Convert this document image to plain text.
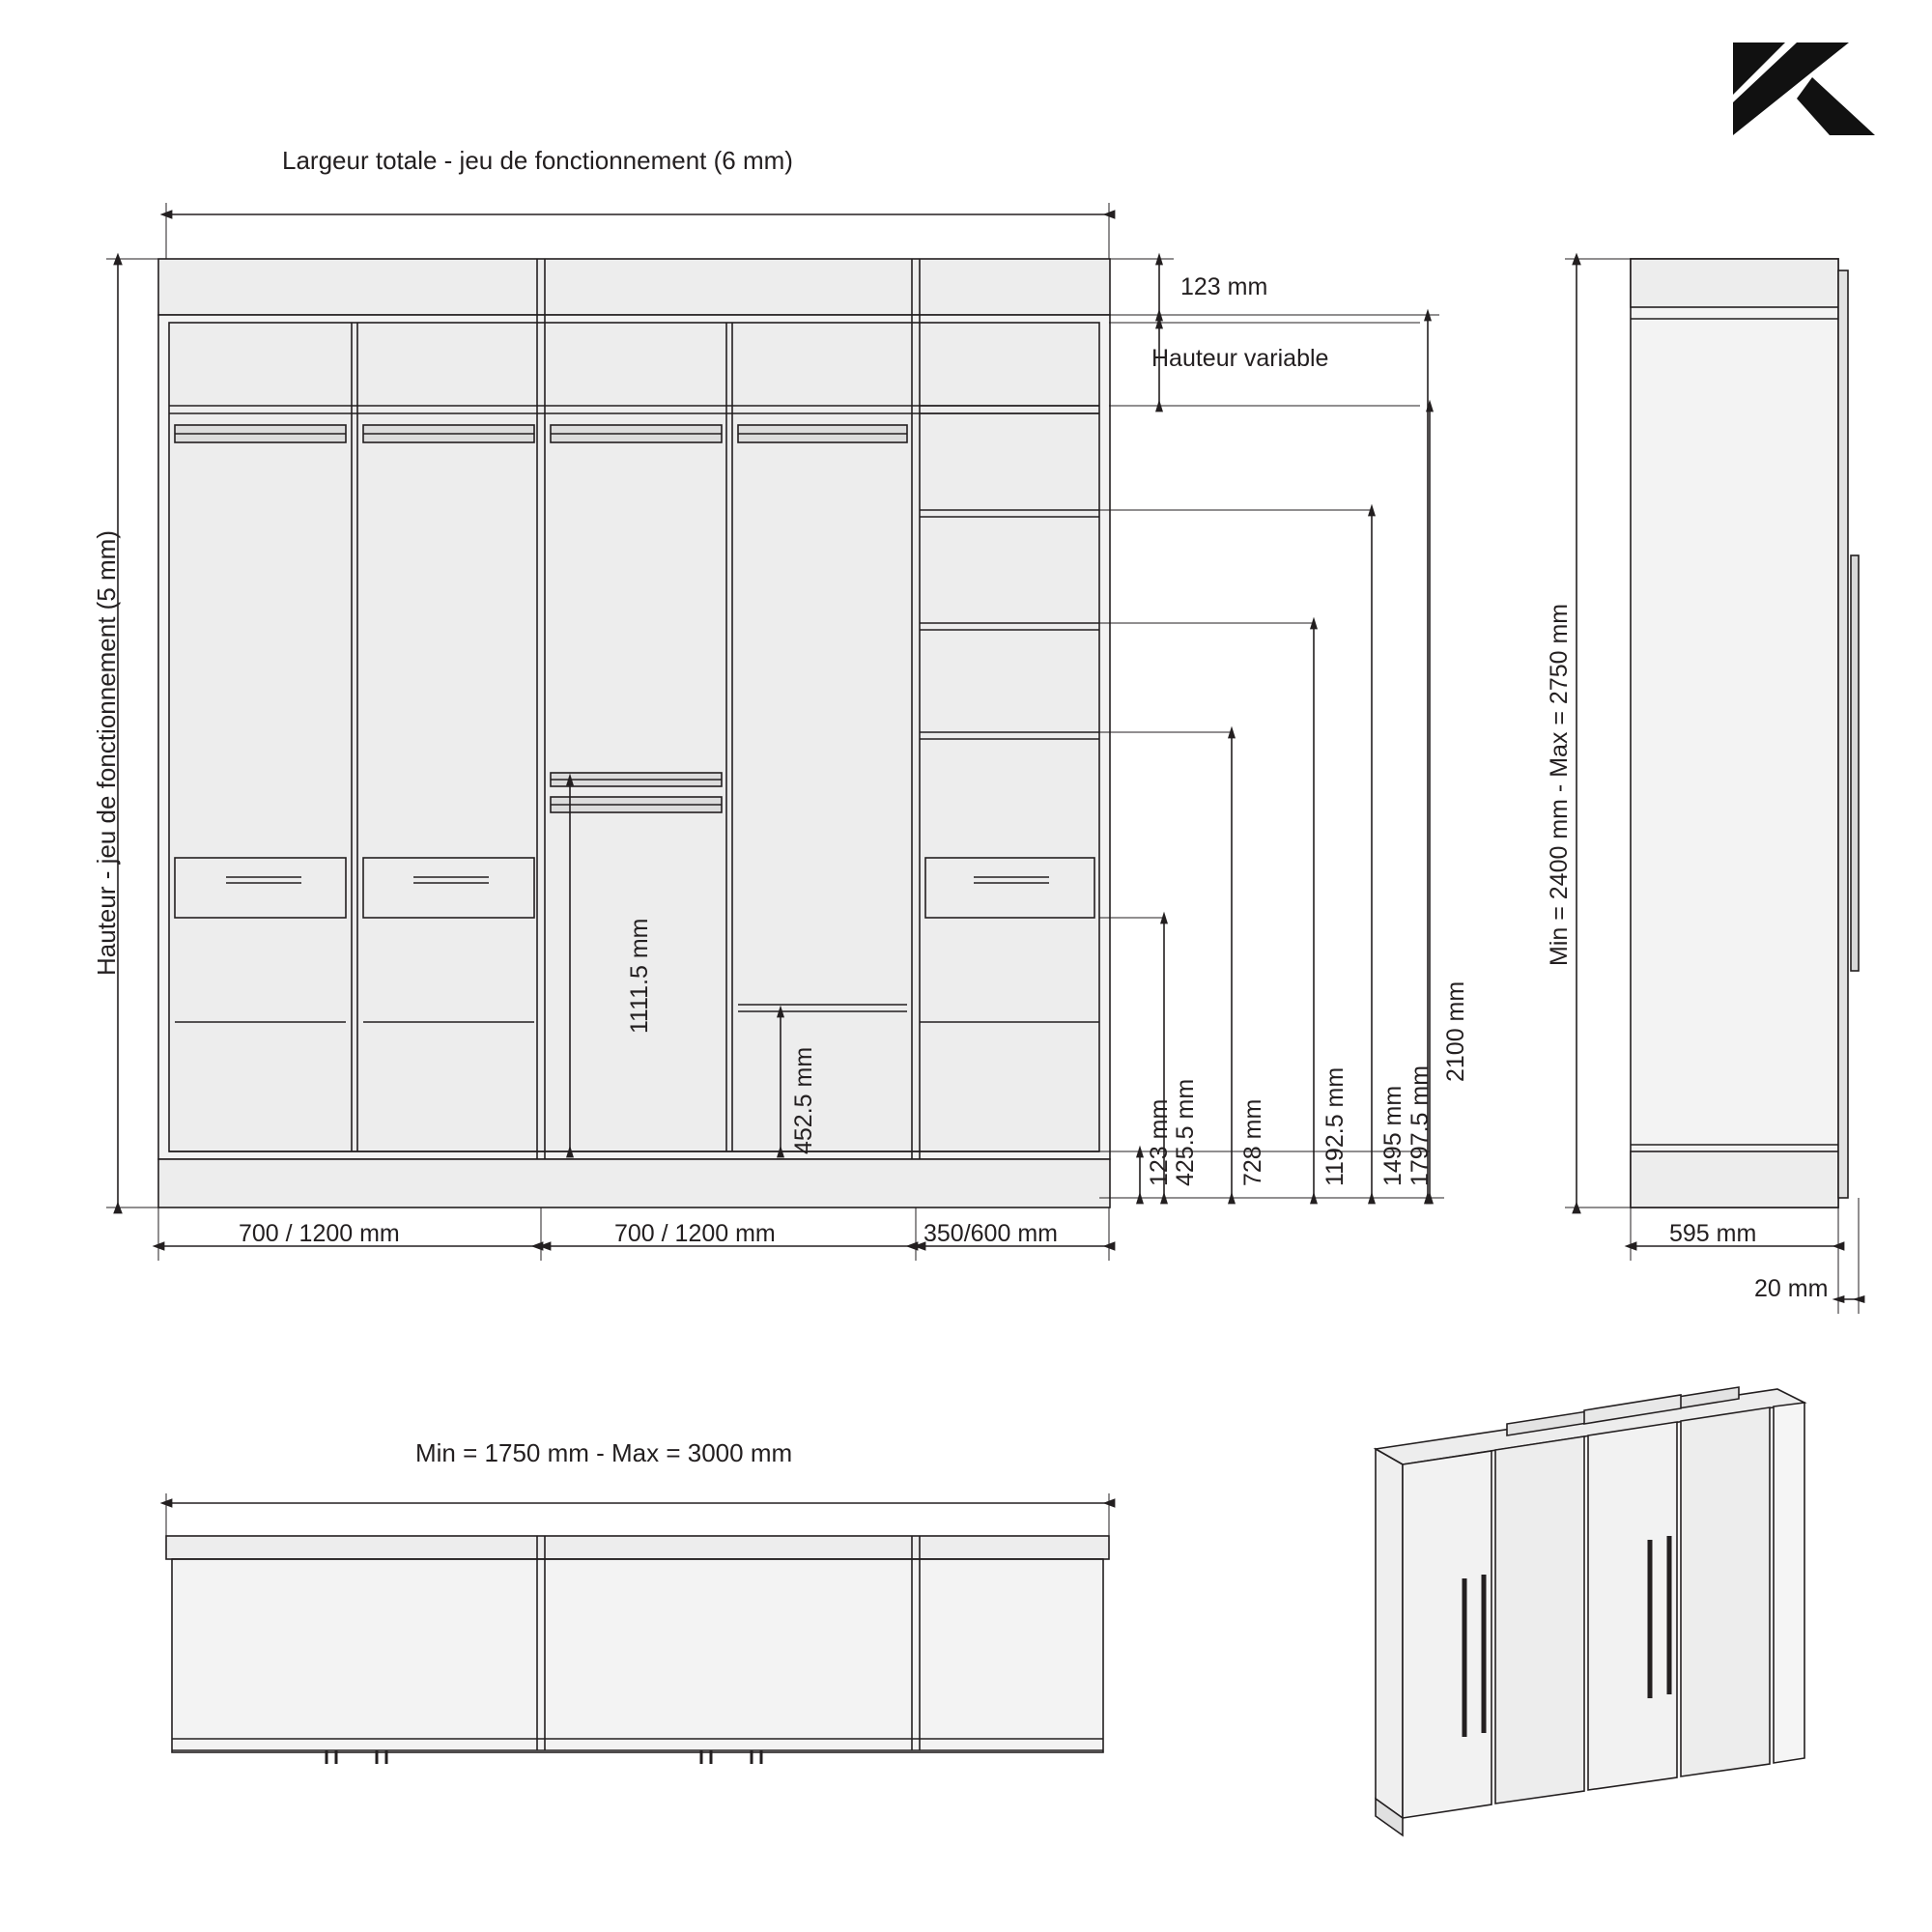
Largeur totale - jeu de fonctionnement (6 mm)
Hauteur - jeu de fonctionnement (5 mm)
123 mm
Hauteur variable
123 mm 425.5 mm 728 mm 1192.5 mm 1495 mm 1797.5 mm
2100 mm
1111.5 mm
452.5 mm
700 / 1200 mm	700 / 1200 mm	350/600 mm
Min = 2400 mm - Max = 2750 mm
595 mm
20 mm
Min = 1750 mm - Max = 3000 mm
